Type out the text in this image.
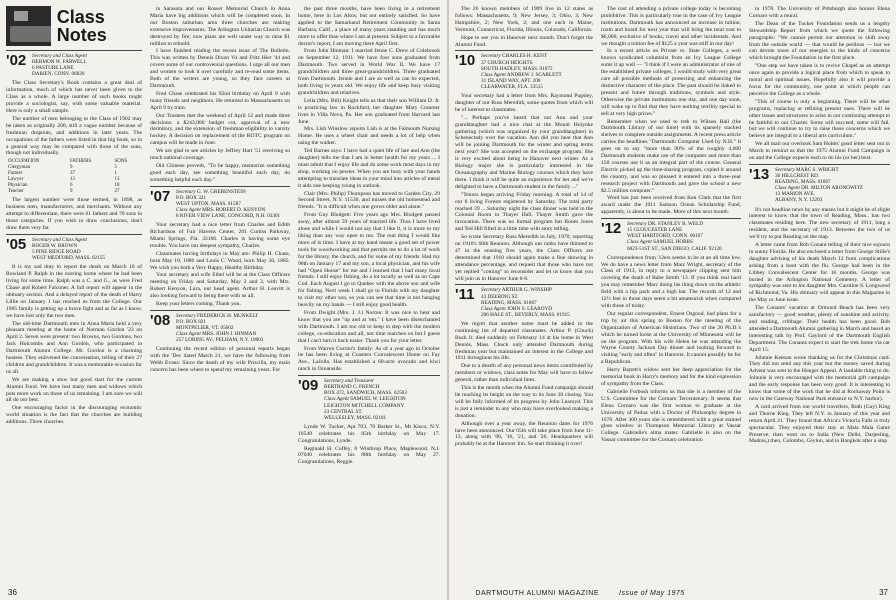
Class Notes
'02	Secretary and Class Agent
HERMON W. FARWELL
6 PASTURE LANE
DARIEN, CONN. 06820

The Class Secretary's Book contains a great deal of information, much of which has never been given to the Class as a whole. A large number of such books might provide a sociologist, say, with some valuable material. Here is only a small sample.

The number of men belonging to the Class of 1902 may be taken as originally 200, still a vague number because of freshman dropouts, and additions in later years. The occupations of the fathers were listed in that big book, so in a general way may be compared with those of the sons, though not individually.

OCCUPATION	FATHERS	SONS
Clergyman	9	5
Farmer	37	1
Lawyer	13	13
Physician	6	18
Teacher	9	27

The largest number were those termed, in 1898, as business men, manufacturers, and merchants. Without any attempt to differentiate, there were 61 fathers and 70 sons in those categories. If you wish to draw conclusions, don't draw them very far.

'05	Secretary and Class Agent
ROGER W. BROWN
5 PINE RIDGE ROAD
WEST MEDFORD, MASS. 02155

It is my sad duty to report the death on March 18 of Rowland P. Ralph in the nursing home where he had been living for some time. Ralph was a C. and G., as were Fred Chase and Robert Falconer. A full report will appear in the obituary section. And a delayed report of the death of Harry Lillie on January 1 has reached us from the College. Our 1905 family is getting up a brave fight and as far as I know, we have lost only the two men.

The old-time Dartmouth men in Anna Maria held a very pleasant meeting at the home of Norman Gordon '23 on April 2. Seven were present: two Browns, two Gordons, two Jack Holcombs and Ann Gordon, who participated in Dartmouth Alumni College. Mr. Gordon is a charming hostess. They enlivened the conversation, telling of their 27 children and grandchildren. It was a memorable occasion for us all.

We are making a slow but good start for the current Alumni Fund. We have lost many men and widows which puts more work on those of us remaining. I am sure we will all do our best.

One encouraging factor in the discouraging economic world situation is the fact that the churches are building additions. Three churches

in Sarasota and our Rosser Memorial Church in Anna Maria have big additions which will be completed soon. In our Boston suburban area three churches are making extensive improvements. The Arlington Unitarian Church was destroyed by fire; now plans are well under way to raise $1 million to rebuild.

I have finished reading the recent issue of The Bulletin. This was written by Dennis Dixon '61 and Fritz Hier '44 and covers some of our controversial questions. I urge all our men and women to look it over carefully and re-read some items. Both of the writers are young, so they face careers at Dartmouth.

Fred Chase celebrated his 92nd birthday on April 9 with many friends and neighbors. He returned to Massachusetts on April 9 by train.

Our Trustees met the weekend of April 12 and made three decisions: a $243,000 budget cut, approval of a new dormitory, and the extension of freshman eligibility to varsity hockey. A decision on replacement of the ROTC program on campus will be made in June.

We are glad to see articles by Jeffrey Hart '51 receiving so much national coverage.

Old Chinese proverb, "To be happy, memorize something good each day, see something beautiful each day, do something helpful each day."

'07	Secretary G. W. GREBENSTEIN
P.O. BOX 321
WEST UPTON, MASS. 01587
Class Agent MRS. ROBERT D. KENYON
8 RIVER VIEW LANE, CONCORD, N.H. 03301

Your secretary had a nice letter from Charles and Edith Richardson of Fair Havens Center, 201 Curtiss Parkway, Miami Springs, Fla. 33166. Charles is having some eye trouble. You have our deepest sympathy, Charles.

Classmates having birthdays in May are: Philip H. Chase, born May 18, 1886 and Louis C. Wood, born May 30, 1885. We wish you both a Very Happy, Healthy Birthday.

Your secretary and wife Ethel will be at the Class Officers meeting on Friday and Saturday, May 2 and 3, with Mrs. Robert Kenyon, Lura, our head agent. Arthur H. Leavitt is also looking forward to being there with us all.

Keep your letters coming. Thank you.

'08	Secretary FREDERICK H. MUNKELT
P.O. BOX 821
MONTPELIER, VT. 05602
Class Agent MRS. JOHN J. HINMAN
257 LORING AV., PELHAM, N.Y. 10803

Continuing the recent edition of personal reports began with the 'Dec dated March 21, we have the following from Webb Evans: Since the death of my wife Priscilla, my main concern has been where to spend my remaining years. For

the past three months, have been living in a retirement home, here in Los Altos, but not entirely satisfied. So have applied to the Samarkand Retirement Community in Santa Barbara, Calif., a place of many years standing and has much more to offer than where I am at present. Subject to a favorable doctor's report, I am moving there April first.

From John Hinman: I married Jenne C. Drew of Colebrook on September 12, 1911. We have four sons graduated from Dartmouth. Two served in World War II. We have 17 grandchildren and three great-grandchildren. Three graduated from Dartmouth. Jennie and I are as well as can be expected, both living in years old. We enjoy life and keep busy visiting grandchildren and relatives.

Leila (Mrs. Bill) Knight tells us that their son William D. Jr. is practicing law in Rockford, her daughter Mary Cranmer lives in Villa Nova, Pa. Her son graduated from Harvard last June.

Mrs. Lish Winslow reports Lish is at the Falmouth Nursing Home. He uses a wheel chair and needs a lot of help when using the walker.

Ted Barnes says: I have had a quiet life of late and Ann (the daughter) tells me that I am in better health for my years ... I must admit that I enjoy life and do some work most days in my shop, working on pewter. When you are busy with your hands attempting to translate ideas in your mind into articles of metal it aids one keeping young in outlook.

Clair (Mrs. Philip) Thompson has moved to Garden City, 29 Second Street, N.Y. 11530, and misses the old homestead and friends. "It is difficult when one grows older and alone."

From Guy Blodgett: Five years ago Mrs. Blodgett passed away, after almost 59 years of married life. Thus I have lived alone and while I would not say that I like it, it is more to my liking than any way open to me. The real thing I would like more of is time. I have at my hand meant a good set of power tools for woodworking and that permits me to do a lot of work for the library, the church, and for some of my friends. Had my 90th on January 17 and my son, a local physician, and his wife had "Open House" for me and I learned that I had many local friends. I still enjoy fishing, do a lot locally as well as on Cape Cod. Each August I go to Quebec with the above son and wife for fishing. Next week I shall go to Florida with my daughter to visit my other son, so you can see that time is not hanging heavily on my hands — I still enjoy good health.

From Dwight (Mrs. J. J.) Norton: It was nice to hear and know that you are "up and at 'em." I have been disenchanted with Dartmouth. I am too old to keep in step with the modern college, co-education and all, not time marches on but I guess that I can't turn it back easier. Thank you for your letter.

From Warren Currier's family: As of a year ago in October he has been living at Coasters Convalescent Home on Fay Ave., LaJolla. Has established a 60-acre avocado and kiwi ranch in Oceanside.

'09	Secretary and Treasurer
BERTRAND C. FRENCH
BOX 472, SANDWICH, MASS. 02563
Class Agent SAMUEL W. LEIGHTON
LEIGHTON MITCHELL COMPANY
23 CENTRAL ST.
WELLESLEY, MASS. 02181

Lynde W. Tucker, Apt 703, 70 Barker St., Mt Kisco, N.Y. 10549 celebrates his 85th birthday on May 17. Congratulations, Lynde.

Reginald H. Coffey, 8 Winthrop Place, Maplewood, N.J. 07040 celebrates his 88th birthday on May 27. Congratulations, Reggie.

36

The 26 known members of 1909 live in 12 states as follows: Massachusetts, 9; New Jersey, 3; Ohio, 3; New Hampshire, 2; New York, 2; and one each in Maine, Vermont, Connecticut, Florida, Illinois, Colorado, California.

Hope to see you in Hanover next month. Don't forget the Alumni Fund.

'10	Secretary CHARLES H. KENT
37 CHURCH HEIGHTS
SOUTH HADLEY, MASS. 01075
Class Agent ANDREW J. SCARLETT
31 ISLAND WAY, APT. 208
CLEARWATER, FLA. 33515

Your secretary had a letter from Mrs. Raymond Pugsley, daughter of our Russ Meredith, some quotes from which will be of interest to classmates.

"... Perhaps you've heard that our Ann and your granddaughter had a nice chat at the Mount Holyoke gathering (which was organized by your granddaughter) in Schenectady over the vacation. Ann did you hear that Ann will be joining Dartmouth for the winter and spring terms next year? She was accepted on the exchange program. She is very excited about being in Hanover next winter. As a Biology major she is particularly interested in the Oceanography and Marine Biology courses which they have there. I think it will be quite an experience for her and we're delighted to have a Dartmouth student in the family ..."

"Tenors began arriving Friday morning. A total of 14 of our 8 living Forests registered by Saturday. The total party reached 39 ... Saturday night the class dinner was held in the Colonial Room in Thayer Hall. Thayer Smith gave the invocation. There was no formal program but Bones Jones and Ted Hill filled in a little time with story telling.

So wrote Secretary Russ Meredith in July, 1970, reporting on 1910's 60th Reunion. Although our ranks have thinned to 47 in the ensuing five years, the Class Officers are determined that 1910 should again make a fine showing in attendance percentage, and request that those who have not yet replied "coming" to reconsider and let us know that you will join us in Hanover June 6-8.

'11	Secretary ARTHUR G. WINSHIP
43 DEERING ST.
READING, MASS. 01867
Class Agent JOHN S. LEAROYD
206 HALE ST., BEVERLY, MASS. 01915

We regret that another name must be added to the continuing list of departed classmates. Arthur P. (Chuck) Bush Jr. died suddenly on February 14 at his home in West Dennis, Mass. Chuck only attended Dartmouth during freshman year but maintained an interest in the College and 1911 throughout his life.

Due to a dearth of any personal news items contributed by members or widows, class notes for May will have to follow general, rather than individual lines.

This is the month when the Alumni Fund campaign should be reaching its height on the way to its June 30 closing. You will be fully informed of its progress by John Learoyd. This is just a reminder to any who may have overlooked making a donation.

Although over a year away, the Reunion dates for 1976 have been announced. Our 65th will take place from June 11-13, along with '06, '16, '21, and '26. Headquarters will probably be at the Hanover Inn. So start thinking it over!

The cost of attending a private college today is becoming prohibitive. This is particularly true in the case of Ivy League institutions. Dartmouth has announced an increase in tuition, room and board for next year that will bring the total cost to $6,000, exclusive of books, travel and other incidentals. And we thought a tuition fee of $125 a year was stiff in our day!

In a recent article on Private vs. State Colleges, a well known syndicated columnist from an Ivy League College sums it up well — "I think if I were an administrator of one of the established private colleges, I would study with very great care all possible methods of protecting and enhancing the distinctive character of the place. The past should be linked to present and future through traditions, symbols and style. Otherwise the private institutions one day, and one day soon, will wake up to find that they have nothing terribly special to sell at very high prices."

Remember when we used to trek to Wilson Hall (the Dartmouth Library of our time) with its sparsely stacked shelves to complete outside assignments. A recent press article carries the headlines "Dartmouth Computer Used by N.H." It goes on to say "more than 90% of the roughly 4,000 Dartmouth students make use of the computer and more than 150 courses use it as an integral part of the course. General Electric picked up the time-sharing program, copied it around the country, and was so pleased it entered into a three-year research project with Dartmouth and gave the school a new $2.5 million computer."

Word has just been received from Ken Clark that the first award under the 1911 Samson Ocean Scholarship Fund, apparently, is about to be made. More of this next month.

'12	Secretary DR. STANLEY B. WELD
15 GLOUCESTER LANE
WEST HARTFORD, CONN. 06107
Class Agent SAMUEL HOBBS
6823-51ST ST., SAN DIEGO, CALIF. 92120

Correspondence from '12ers seems to be at an all time low. We do have a news letter from Marc Wright, secretary of the Class of 1913, in reply to a newspaper clipping sent him covering the death of Babe Smith '13. If you think real hard you may remember Marc doing his thing down on the athletic field with a hip pack and a high bar. The records of 12 and 12½ feet in those days seem a bit amateurish when compared with those of today.

Our regular correspondent, Ernest Osgood, had plans for a trip by air this spring to Boston for the meeting of the Organization of American Historians. Two of the 20 Ph.D.'s which he turned loose at the University of Minnesota will be on the program. With his wife Helen he was attending the Wayne County Jackson Day dinner and looking forward to visiting "early and often" in Hanover. It cannot possibly be for a Republican.

Harry Barrett's widow sent her deep appreciation for the memorial book in Harry's memory and for the kind expression of sympathy from the Class.

Gabrielle Forbush informs us that she is a member of the U.S. Committee for the Cornaro Tercentenary. It seems that Elena Cornaro was the first woman to graduate at the University of Padua with a Doctor of Philosophy degree in 1678. After 300 years she is remembered with a great stained glass window in Thompson Memorial Library at Vassar College. Gabrielle's alma mater. Gabrielle is also on the Vassar committee for the Cornaro celebration

in 1978. The University of Pittsburgh also honors Elena Cornaro with a mural.

The Dean of the Tucker Foundation sends us a lengthy Stewardship Report from which we quote the following paragraphs: "We cannot permit our attention to shift away from the outside world — that would be perilous — but we can devote more of our energies to the kinds of concerns which brought the Foundation in the first place.

"One step we have taken is to revive Chapel as an attempt once again to provide a logical place from which to speak to moral and spiritual issues. Hopefully also it will provide a focus for the community, one point at which people can perceive the College as a whole.

"This of course is only a beginning. There will be other programs, replacing or refining present ones. There will be other issues and structures to arise in our continuing attempt to be faithful to our Charter. Some will succeed, some will fail, but we will continue to try to raise those concerns which we believe are integral to a liberal arts curriculum."

We all mail our overlook Sam Hobbs' good letter sent out in March to remind us that the 1975 Alumni Fund Campaign is on and the College expects each to do his (or her) best.

'13	Secretary MARC S. WRIGHT
36 HILLCREST RD.
READING, MASS. 01867
Class Agent DR. MILTON ARONOWITZ
13 MARION AVE.
ALBANY, N.Y. 12203

It's not headline news by any means but it might be of slight interest to know that the town of Reading, Mass., has two classmates residing here. The new secretary of 1911, long a resident, and the secretary of 1913. Between the two of us we'll try to put Reading on the map.

A letter came from Bob Conant telling of their nice sojourn in sunny Florida. He also enclosed a letter from George Stille's daughter advising of his death March 12 from complications arising from a bout with the flu. George had been in the Libbey Convalescent Center for 16 months. George was buried in the Arlington National Cemetery. A letter of sympathy was sent to his daughter Mrs. Caroline S. Longwood of Richmond, Va. His obituary will appear in this Magazine in the May or June issue.

The Conants' vacation at Ormond Beach has been very satisfactory — good weather, plenty of sunshine and activity, and reading, cribbage. Their health has been good. Bob attended a Dartmouth Alumni gathering in March and heard an interesting talk by Prof. Gaylord of the Dartmouth English Department. The Conants expect to start the trek home via car April 15.

Johnnie Keenan wrote thanking us for the Christmas card. They did not send any this year but the money saved during Advent was sent to the Hunger Appeal. A laudable thing to do. Johnnie is very encouraged with the memorial gift campaign and the early response has been very good. It is interesting to know that some of the work that he did at Rockaway Point is now in the Gateway National Park entrance to N.Y. harbor).

A card arrived from our world travellers, Ruth (Gay) King and Thorne King. They left N.Y. in January of this year and return April 21. They found that Africa's Victoria Falls is truly spectacular. They enjoyed their stay at Mala Mala Game Preserve; then went on to India (New Delhi, Darjeeling, Madras,) then, Colombo, Ceylon, and to Bangkok after a stop

DARTMOUTH ALUMNI MAGAZINE	Issue of May 1975	37
